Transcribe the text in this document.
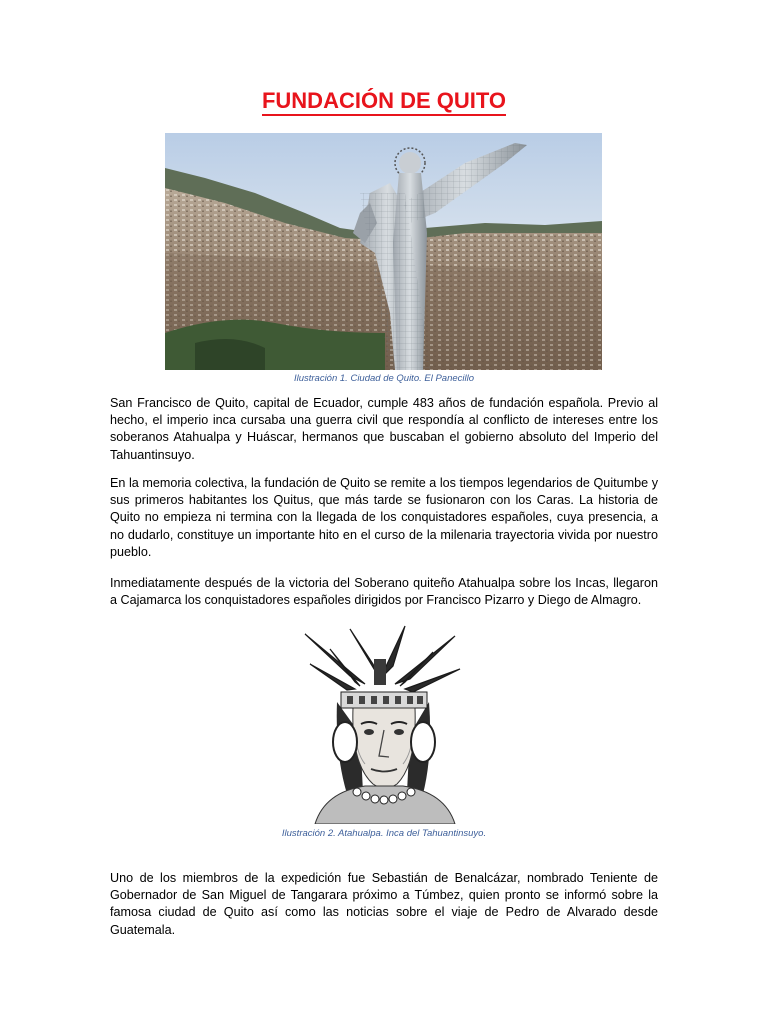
FUNDACIÓN DE QUITO
Ilustración 1. Ciudad de Quito. El Panecillo

San Francisco de Quito, capital de Ecuador, cumple 483 años de fundación española. Previo al hecho, el imperio inca cursaba una guerra civil que respondía al conflicto de intereses entre los soberanos Atahualpa y Huáscar, hermanos que buscaban el gobierno absoluto del Imperio del Tahuantinsuyo.

En la memoria colectiva, la fundación de Quito se remite a los tiempos legendarios de Quitumbe y sus primeros habitantes los Quitus, que más tarde se fusionaron con los Caras. La historia de Quito no empieza ni termina con la llegada de los conquistadores españoles, cuya presencia, a no dudarlo, constituye un importante hito en el curso de la milenaria trayectoria vivida por nuestro pueblo.

Inmediatamente después de la victoria del Soberano quiteño Atahualpa sobre los Incas, llegaron a Cajamarca los conquistadores españoles dirigidos por Francisco Pizarro y Diego de Almagro.

Ilustración 2. Atahualpa. Inca del Tahuantinsuyo.

Uno de los miembros de la expedición fue Sebastián de Benalcázar, nombrado Teniente de Gobernador de San Miguel de Tangarara próximo a Túmbez, quien pronto se informó sobre la famosa ciudad de Quito así como las noticias sobre el viaje de Pedro de Alvarado desde Guatemala.
